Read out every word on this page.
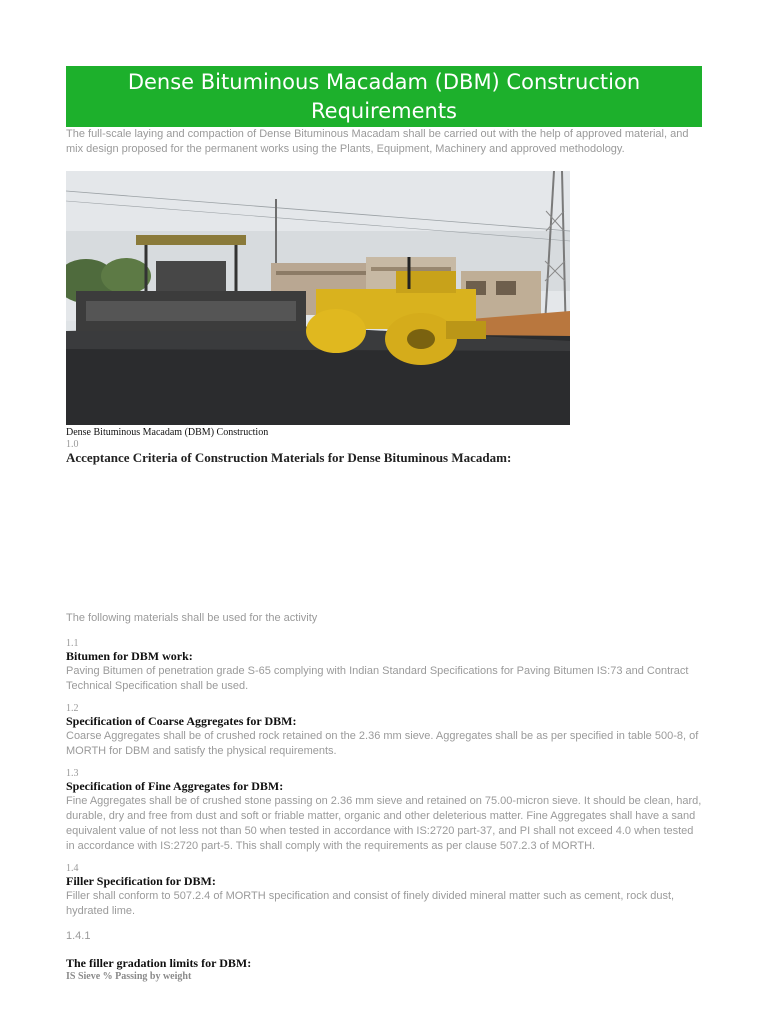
Dense Bituminous Macadam (DBM) Construction Requirements

The full-scale laying and compaction of Dense Bituminous Macadam shall be carried out with the help of approved material, and mix design proposed for the permanent works using the Plants, Equipment, Machinery and approved methodology.

Dense Bituminous Macadam (DBM) Construction
1.0
Acceptance Criteria of Construction Materials for Dense Bituminous Macadam:
The following materials shall be used for the activity
1.1
Bitumen for DBM work:
Paving Bitumen of penetration grade S-65 complying with Indian Standard Specifications for Paving Bitumen IS:73 and Contract Technical Specification shall be used.
1.2
Specification of Coarse Aggregates for DBM:
Coarse Aggregates shall be of crushed rock retained on the 2.36 mm sieve. Aggregates shall be as per specified in table 500-8, of MORTH for DBM and satisfy the physical requirements.
1.3
Specification of Fine Aggregates for DBM:
Fine Aggregates shall be of crushed stone passing on 2.36 mm sieve and retained on 75.00-micron sieve. It should be clean, hard, durable, dry and free from dust and soft or friable matter, organic and other deleterious matter. Fine Aggregates shall have a sand equivalent value of not less not than 50 when tested in accordance with IS:2720 part-37, and PI shall not exceed 4.0 when tested in accordance with IS:2720 part-5. This shall comply with the requirements as per clause 507.2.3 of MORTH.
1.4
Filler Specification for DBM:
Filler shall conform to 507.2.4 of MORTH specification and consist of finely divided mineral matter such as cement, rock dust, hydrated lime.
1.4.1
The filler gradation limits for DBM:
IS Sieve % Passing by weight
